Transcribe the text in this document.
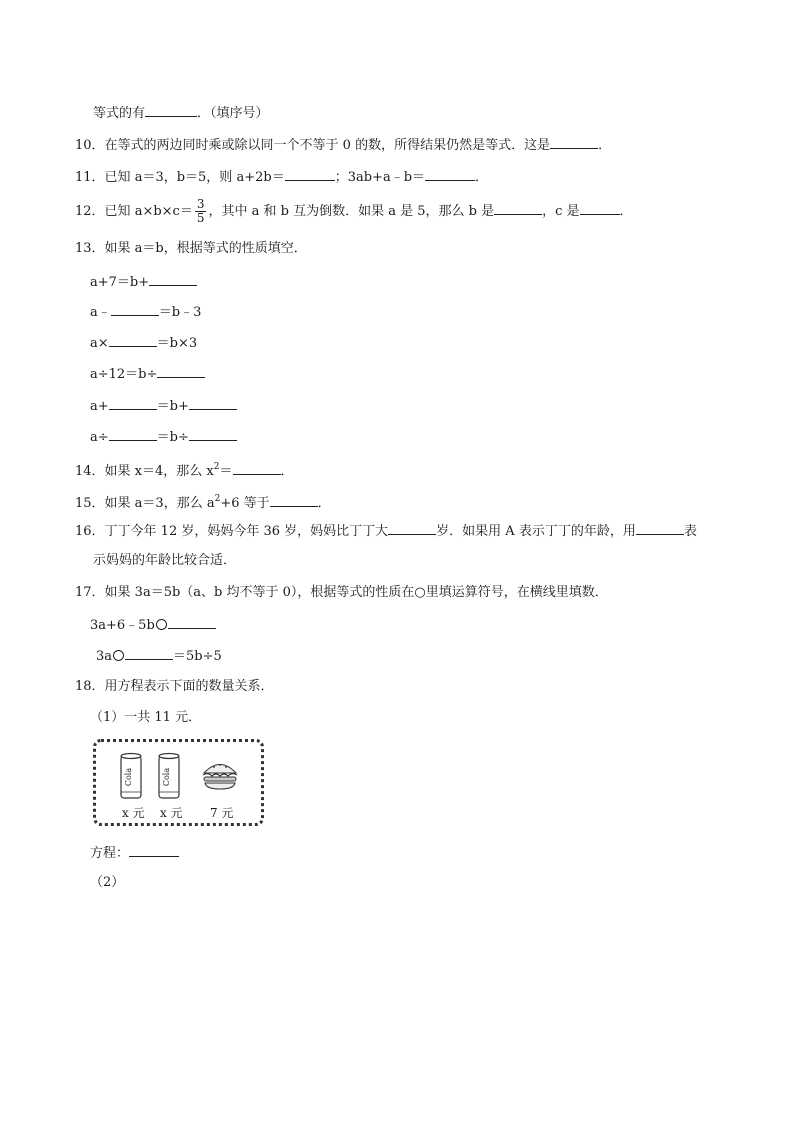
等式的有	．（填序号）
10．在等式的两边同时乘或除以同一个不等于 0 的数，所得结果仍然是等式．这是	．
11．已知 a＝3，b＝5，则 a+2b＝	；3ab+a﹣b＝	．
12．已知 $a\times b\times c= \frac{3}{5}$ ，其中 a 和 b 互为倒数．如果 a 是 5，那么 b 是	，c 是	．
13．如果 a＝b，根据等式的性质填空．
a+7＝b+
a﹣	＝b﹣3
a×	＝b×3
a÷12＝b÷
a+	＝b+
a÷	＝b÷
14．如果 x＝4，那么 $x^2=$	．
15．如果 a＝3，那么 $a^2+6$ 等于	．
16．丁丁今年 12 岁，妈妈今年 36 岁，妈妈比丁丁大	岁．如果用 A 表示丁丁的年龄，用	表
示妈妈的年龄比较合适．
17．如果 3a＝5b（a、b 均不等于 0），根据等式的性质在○里填运算符号，在横线里填数．
3a+6﹣5b
3a	＝5b÷5
18．用方程表示下面的数量关系．
（1）一共 11 元．
Cola	Cola
x 元 x 元 7 元
方程：
（2）
